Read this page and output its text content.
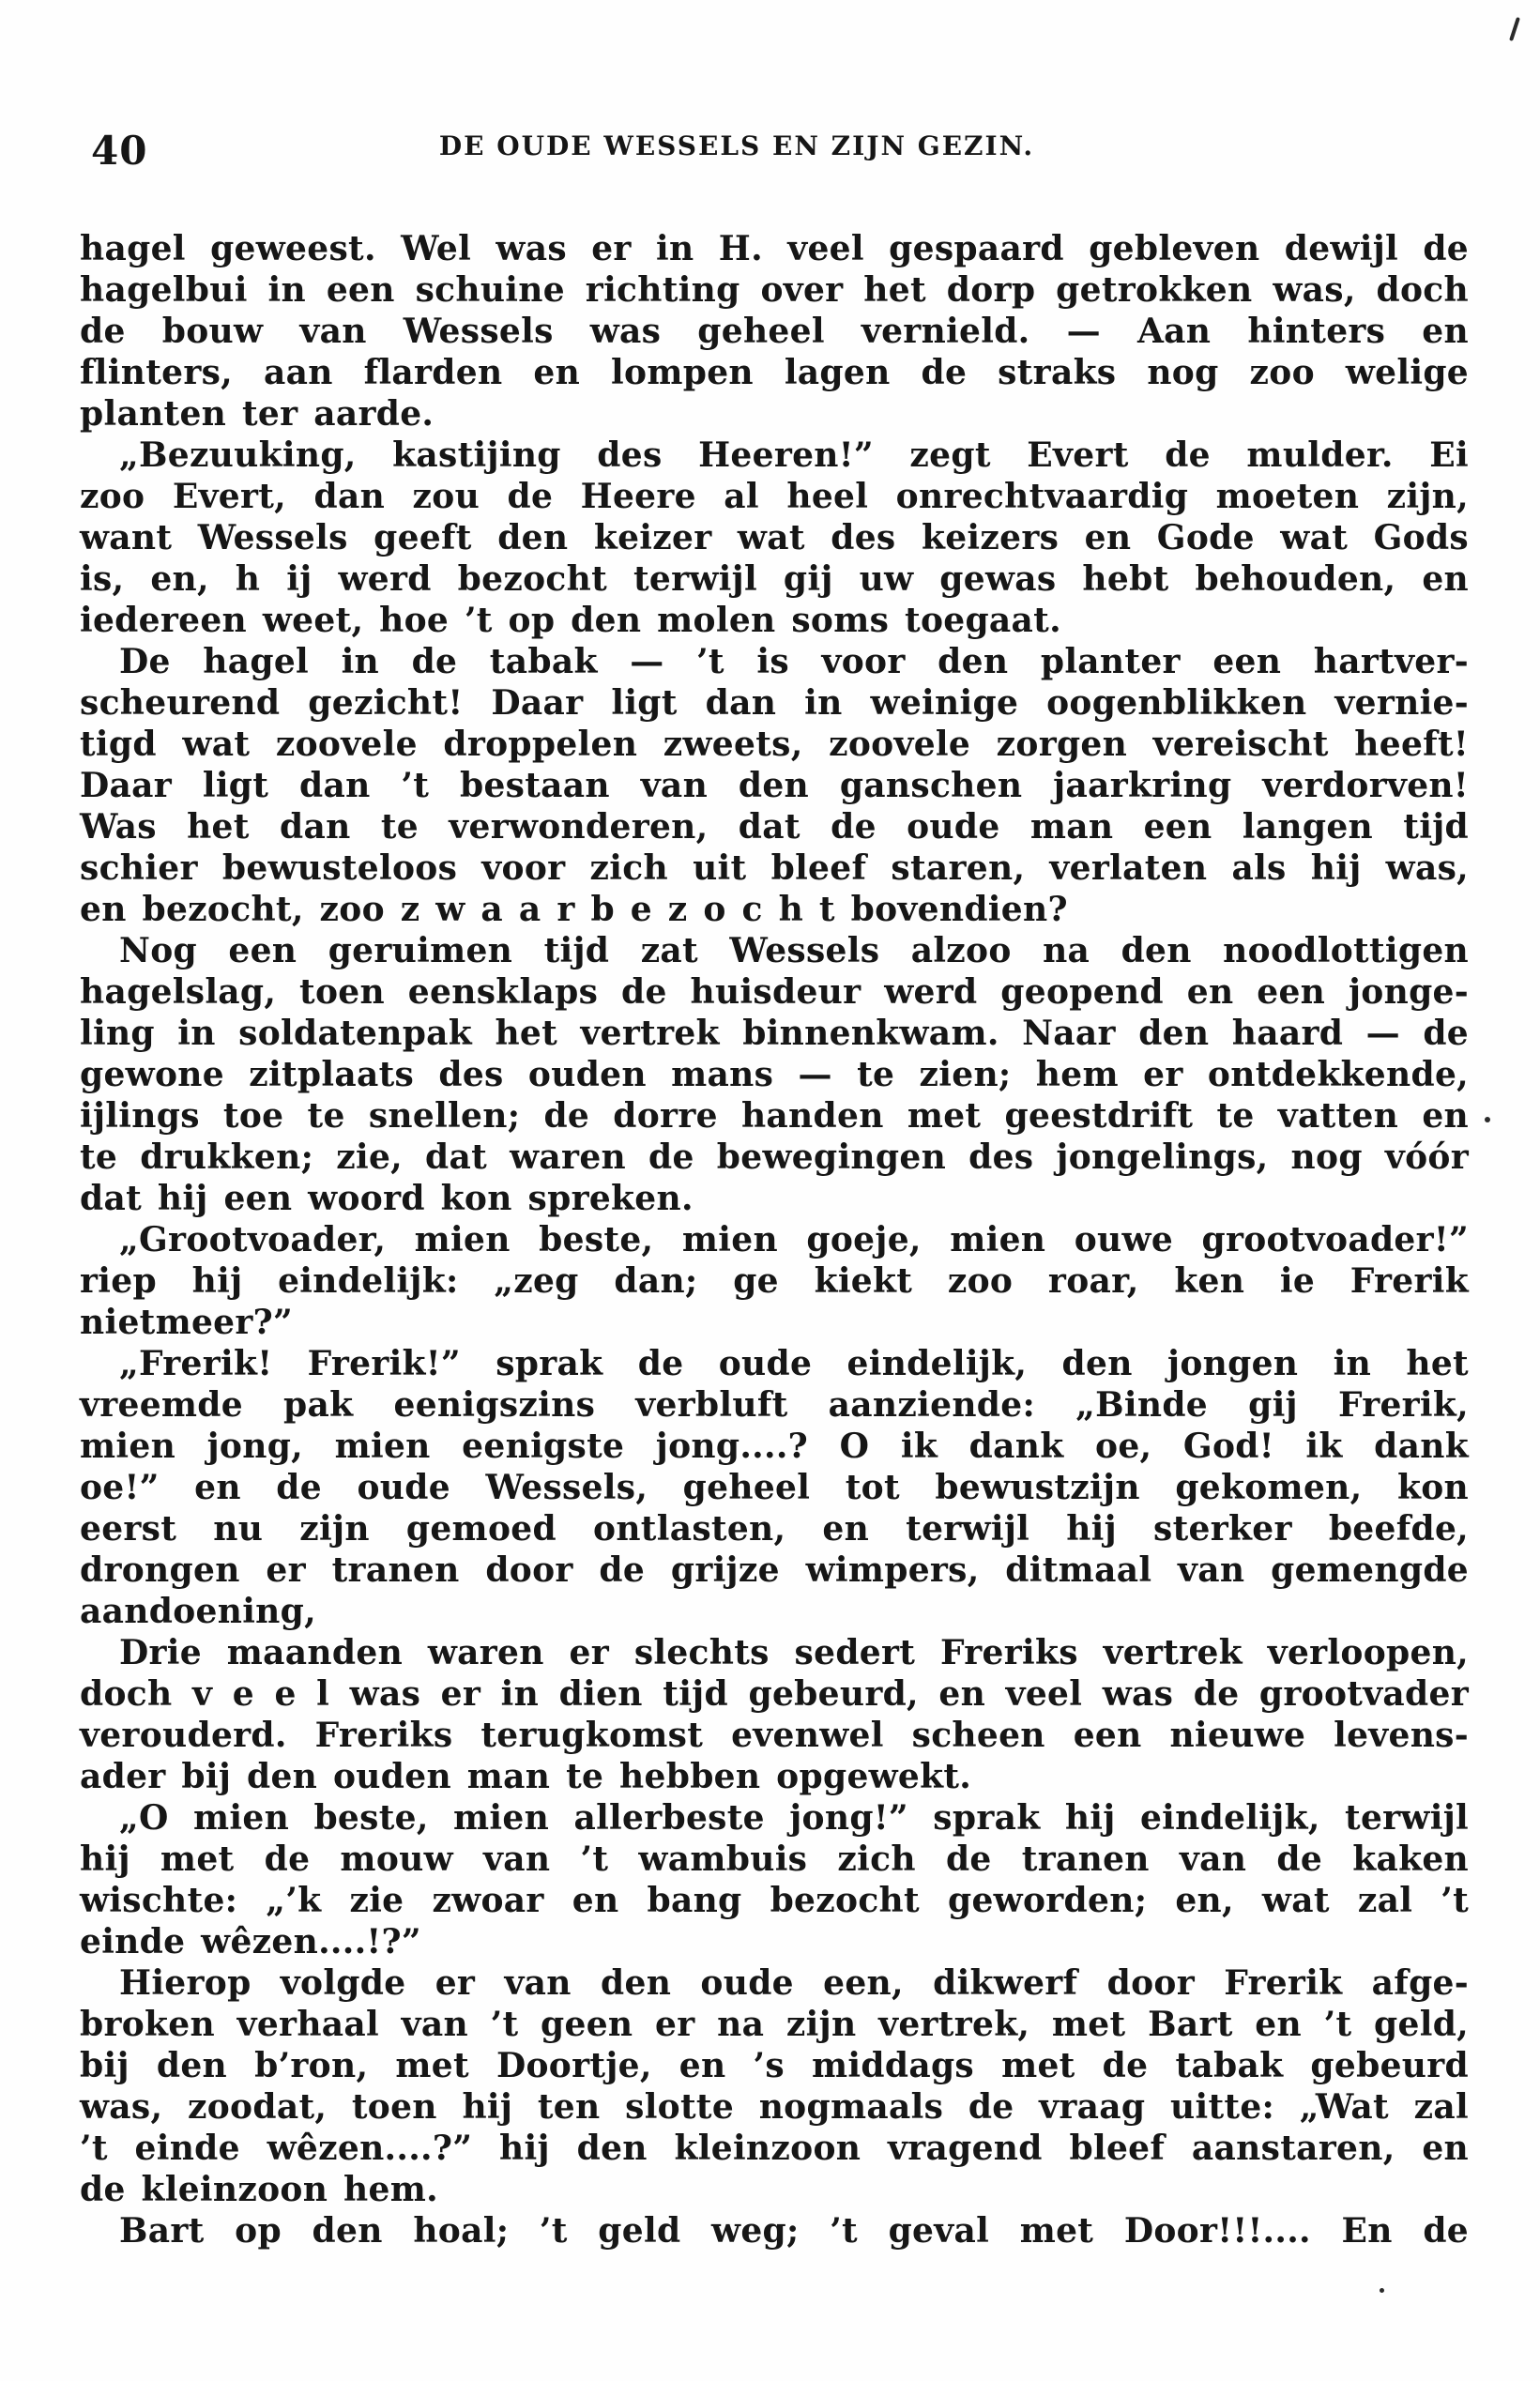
40	DE OUDE WESSELS EN ZIJN GEZIN.

hagel geweest. Wel was er in H. veel gespaard gebleven dewijl de
hagelbui in een schuine richting over het dorp getrokken was, doch
de bouw van Wessels was geheel vernield. — Aan hinters en
flinters, aan flarden en lompen lagen de straks nog zoo welige
planten ter aarde.

„Bezuuking, kastijing des Heeren!” zegt Evert de mulder. Ei
zoo Evert, dan zou de Heere al heel onrechtvaardig moeten zijn,
want Wessels geeft den keizer wat des keizers en Gode wat Gods
is, en, h ij werd bezocht terwijl gij uw gewas hebt behouden, en
iedereen weet, hoe ’t op den molen soms toegaat.

De hagel in de tabak — ’t is voor den planter een hartver-
scheurend gezicht! Daar ligt dan in weinige oogenblikken vernie-
tigd wat zoovele droppelen zweets, zoovele zorgen vereischt heeft!
Daar ligt dan ’t bestaan van den ganschen jaarkring verdorven!
Was het dan te verwonderen, dat de oude man een langen tijd
schier bewusteloos voor zich uit bleef staren, verlaten als hij was,
en bezocht, zoo z w a a r b e z o c h t bovendien?

Nog een geruimen tijd zat Wessels alzoo na den noodlottigen
hagelslag, toen eensklaps de huisdeur werd geopend en een jonge-
ling in soldatenpak het vertrek binnenkwam. Naar den haard — de
gewone zitplaats des ouden mans — te zien; hem er ontdekkende,
ijlings toe te snellen; de dorre handen met geestdrift te vatten en
te drukken; zie, dat waren de bewegingen des jongelings, nog vóór
dat hij een woord kon spreken.

„Grootvoader, mien beste, mien goeje, mien ouwe grootvoader!”
riep hij eindelijk: „zeg dan; ge kiekt zoo roar, ken ie Frerik
nietmeer?”

„Frerik! Frerik!” sprak de oude eindelijk, den jongen in het
vreemde pak eenigszins verbluft aanziende: „Binde gij Frerik,
mien jong, mien eenigste jong....? O ik dank oe, God! ik dank
oe!” en de oude Wessels, geheel tot bewustzijn gekomen, kon
eerst nu zijn gemoed ontlasten, en terwijl hij sterker beefde,
drongen er tranen door de grijze wimpers, ditmaal van gemengde
aandoening,

Drie maanden waren er slechts sedert Freriks vertrek verloopen,
doch v e e l was er in dien tijd gebeurd, en veel was de grootvader
verouderd. Freriks terugkomst evenwel scheen een nieuwe levens-
ader bij den ouden man te hebben opgewekt.

„O mien beste, mien allerbeste jong!” sprak hij eindelijk, terwijl
hij met de mouw van ’t wambuis zich de tranen van de kaken
wischte: „’k zie zwoar en bang bezocht geworden; en, wat zal ’t
einde wêzen....!?”

Hierop volgde er van den oude een, dikwerf door Frerik afge-
broken verhaal van ’t geen er na zijn vertrek, met Bart en ’t geld,
bij den b’ron, met Doortje, en ’s middags met de tabak gebeurd
was, zoodat, toen hij ten slotte nogmaals de vraag uitte: „Wat zal
’t einde wêzen....?” hij den kleinzoon vragend bleef aanstaren, en
de kleinzoon hem.

Bart op den hoal; ’t geld weg; ’t geval met Door!!!.... En de
